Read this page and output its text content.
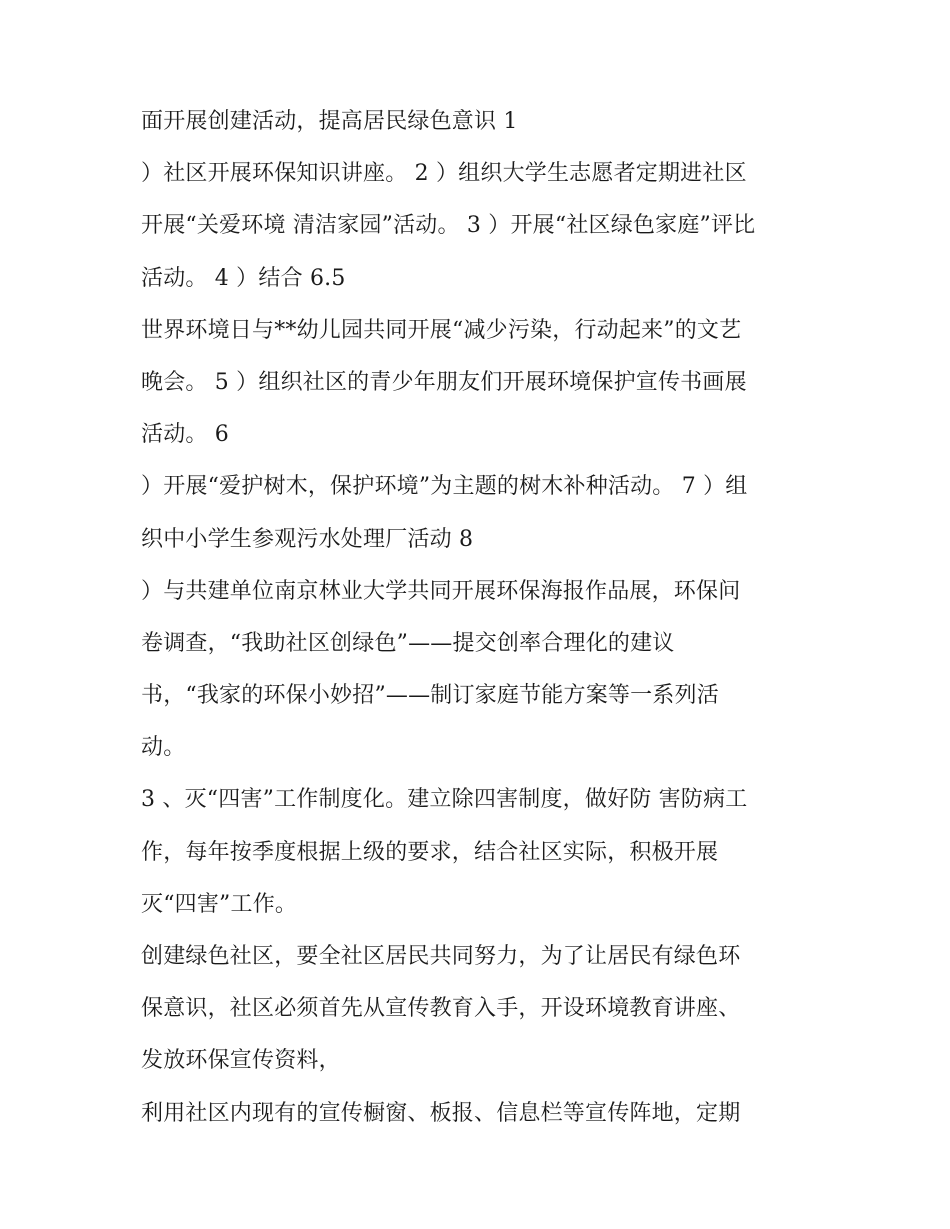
面开展创建活动，提高居民绿色意识 1
）社区开展环保知识讲座。 2 ）组织大学生志愿者定期进社区
开展“关爱环境 清洁家园”活动。 3 ）开展“社区绿色家庭”评比
活动。 4 ）结合 6.5
世界环境日与**幼儿园共同开展“减少污染，行动起来”的文艺
晚会。 5 ）组织社区的青少年朋友们开展环境保护宣传书画展
活动。 6
）开展“爱护树木，保护环境”为主题的树木补种活动。 7 ）组
织中小学生参观污水处理厂活动 8
）与共建单位南京林业大学共同开展环保海报作品展，环保问
卷调查，“我助社区创绿色”——提交创率合理化的建议
书，“我家的环保小妙招”——制订家庭节能方案等一系列活
动。
3 、灭“四害”工作制度化。建立除四害制度，做好防 害防病工
作，每年按季度根据上级的要求，结合社区实际，积极开展
灭“四害”工作。
创建绿色社区，要全社区居民共同努力，为了让居民有绿色环
保意识，社区必须首先从宣传教育入手，开设环境教育讲座、
发放环保宣传资料，
利用社区内现有的宣传橱窗、板报、信息栏等宣传阵地，定期
